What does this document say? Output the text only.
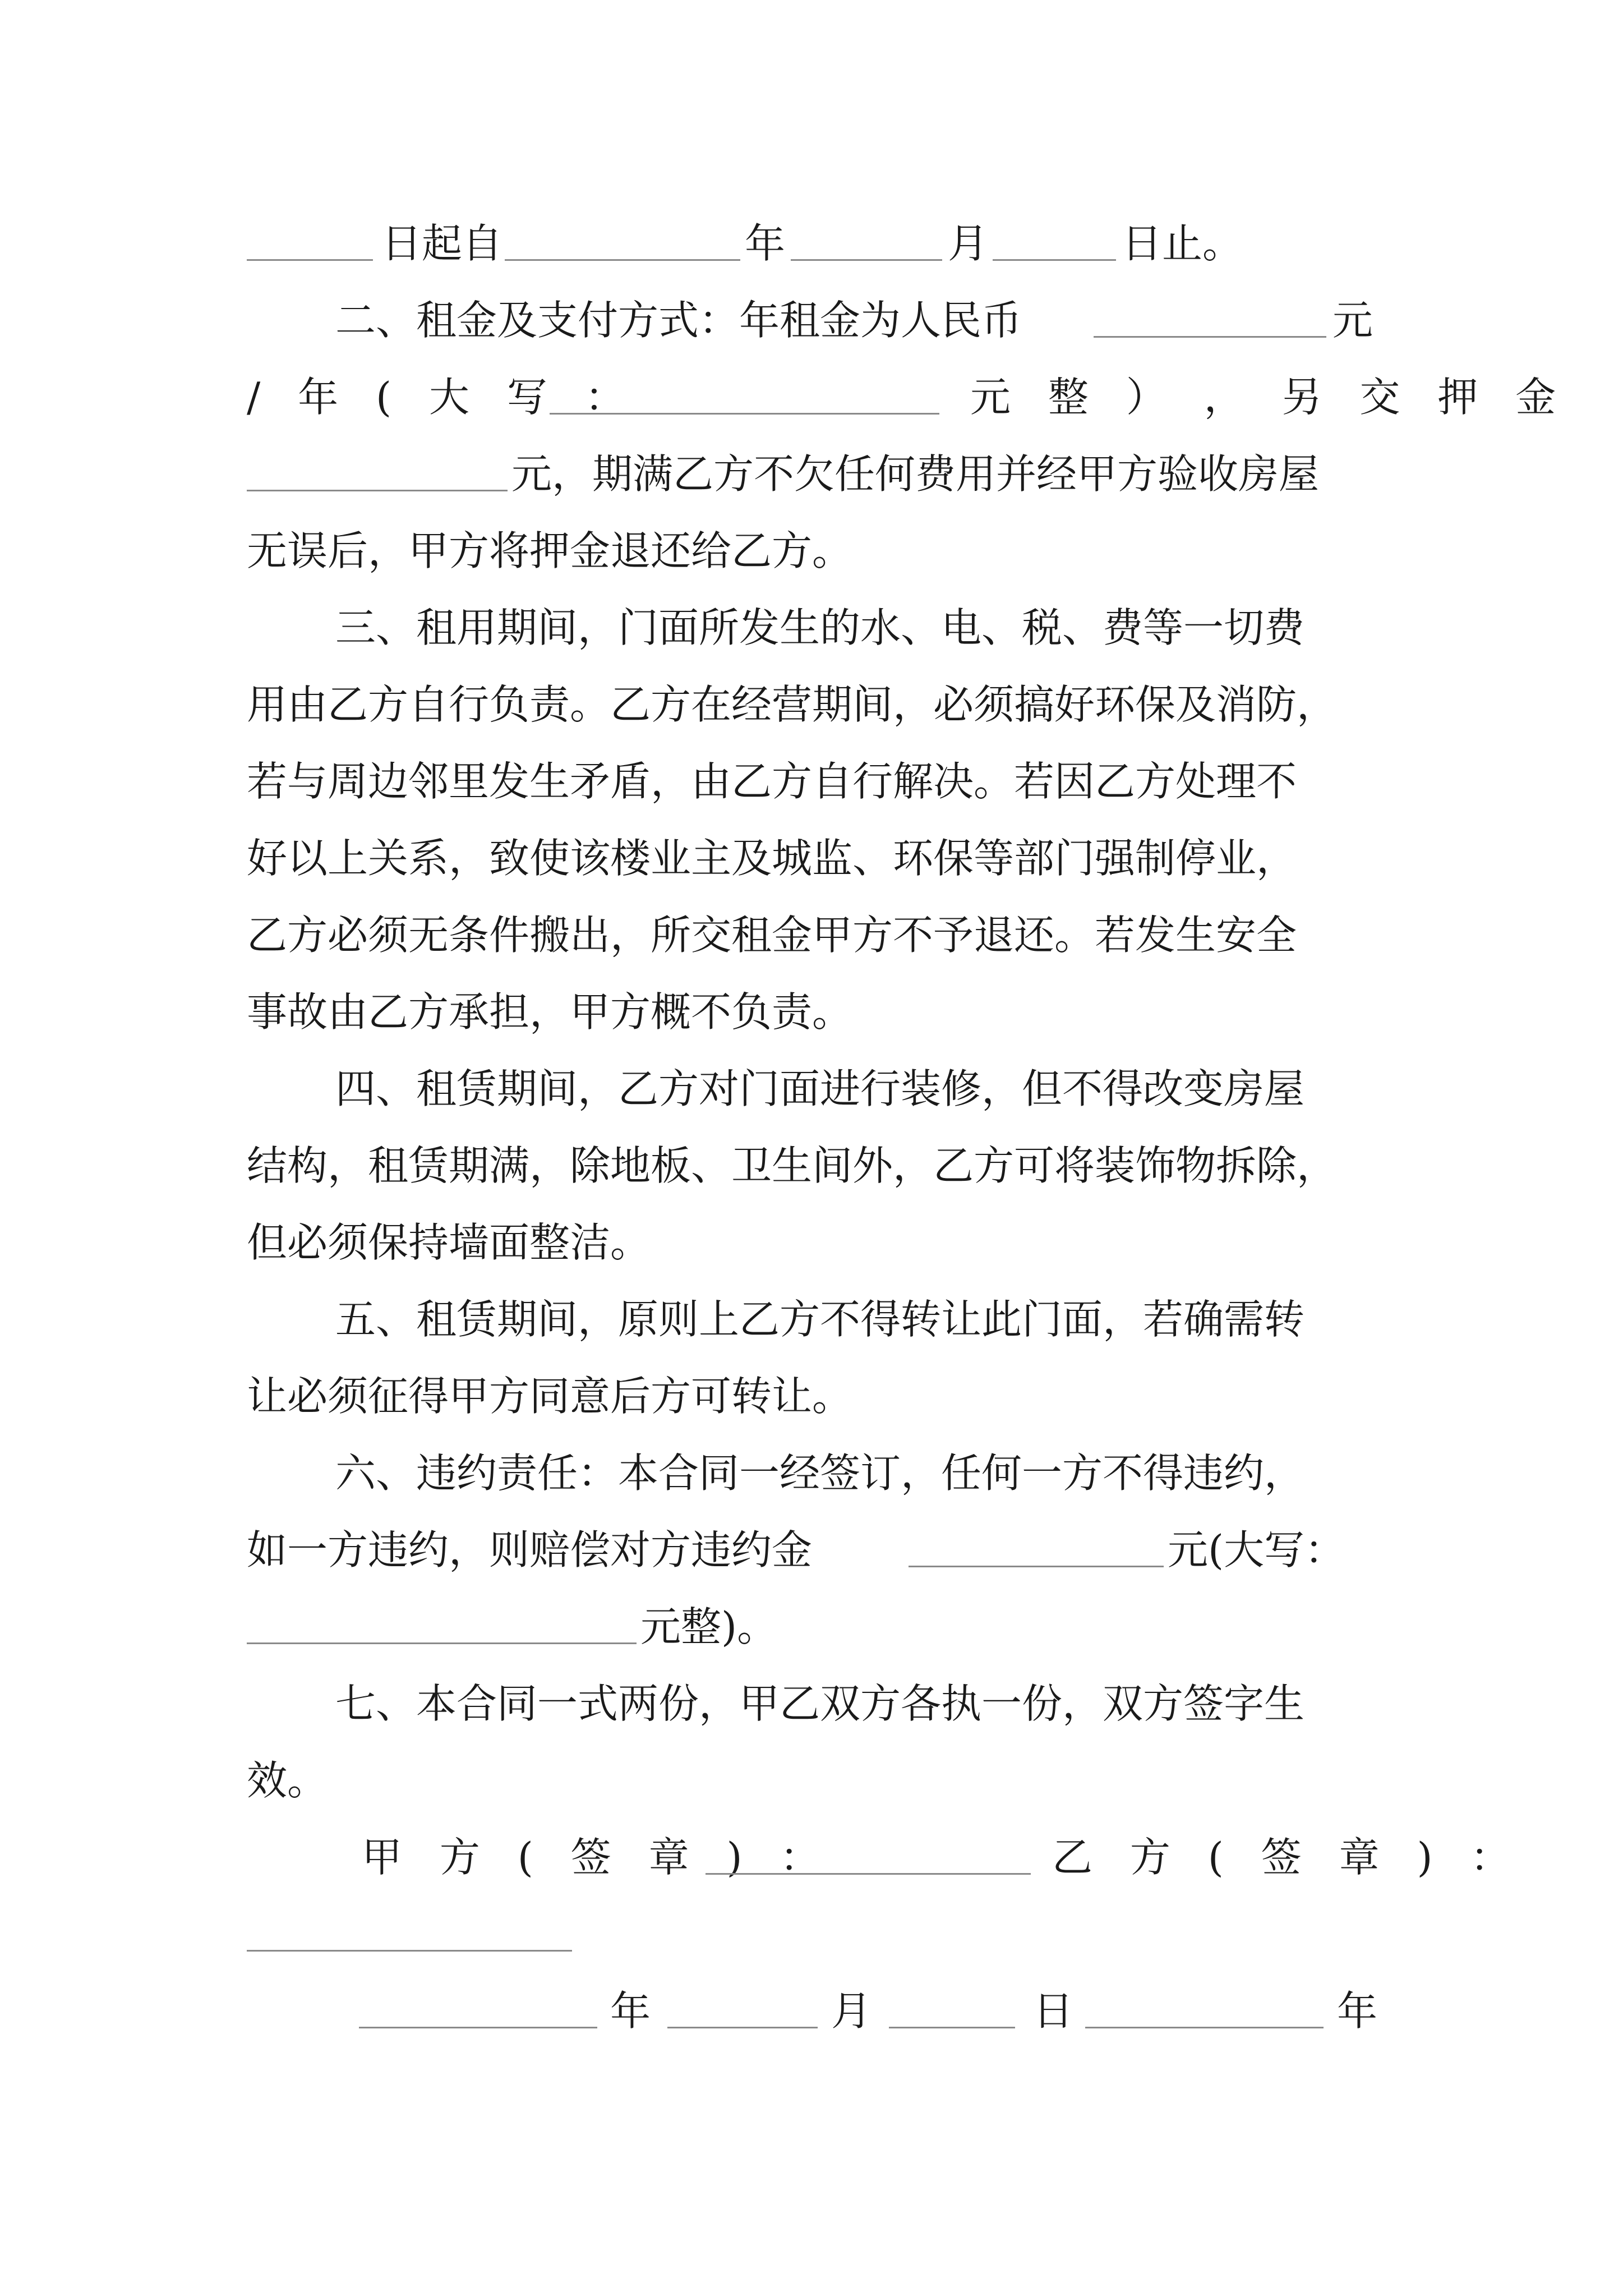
日起自	年	月	日止。
二、租金及支付方式：年租金为人民币	元
/ 年 ( 大 写 ：	元 整 ） ， 另 交 押 金
元，期满乙方不欠任何费用并经甲方验收房屋
无误后，甲方将押金退还给乙方。
三、租用期间，门面所发生的水、电、税、费等一切费
用由乙方自行负责。乙方在经营期间，必须搞好环保及消防，
若与周边邻里发生矛盾，由乙方自行解决。若因乙方处理不
好以上关系，致使该楼业主及城监、环保等部门强制停业，
乙方必须无条件搬出，所交租金甲方不予退还。若发生安全
事故由乙方承担，甲方概不负责。
四、租赁期间，乙方对门面进行装修，但不得改变房屋
结构，租赁期满，除地板、卫生间外，乙方可将装饰物拆除，
但必须保持墙面整洁。
五、租赁期间，原则上乙方不得转让此门面，若确需转
让必须征得甲方同意后方可转让。
六、违约责任：本合同一经签订，任何一方不得违约，
如一方违约，则赔偿对方违约金	元(大写：
元整)。
七、本合同一式两份，甲乙双方各执一份，双方签字生
效。
甲 方 ( 签 章 ) ：	乙 方 ( 签 章 ) ：
年	月	日	年
